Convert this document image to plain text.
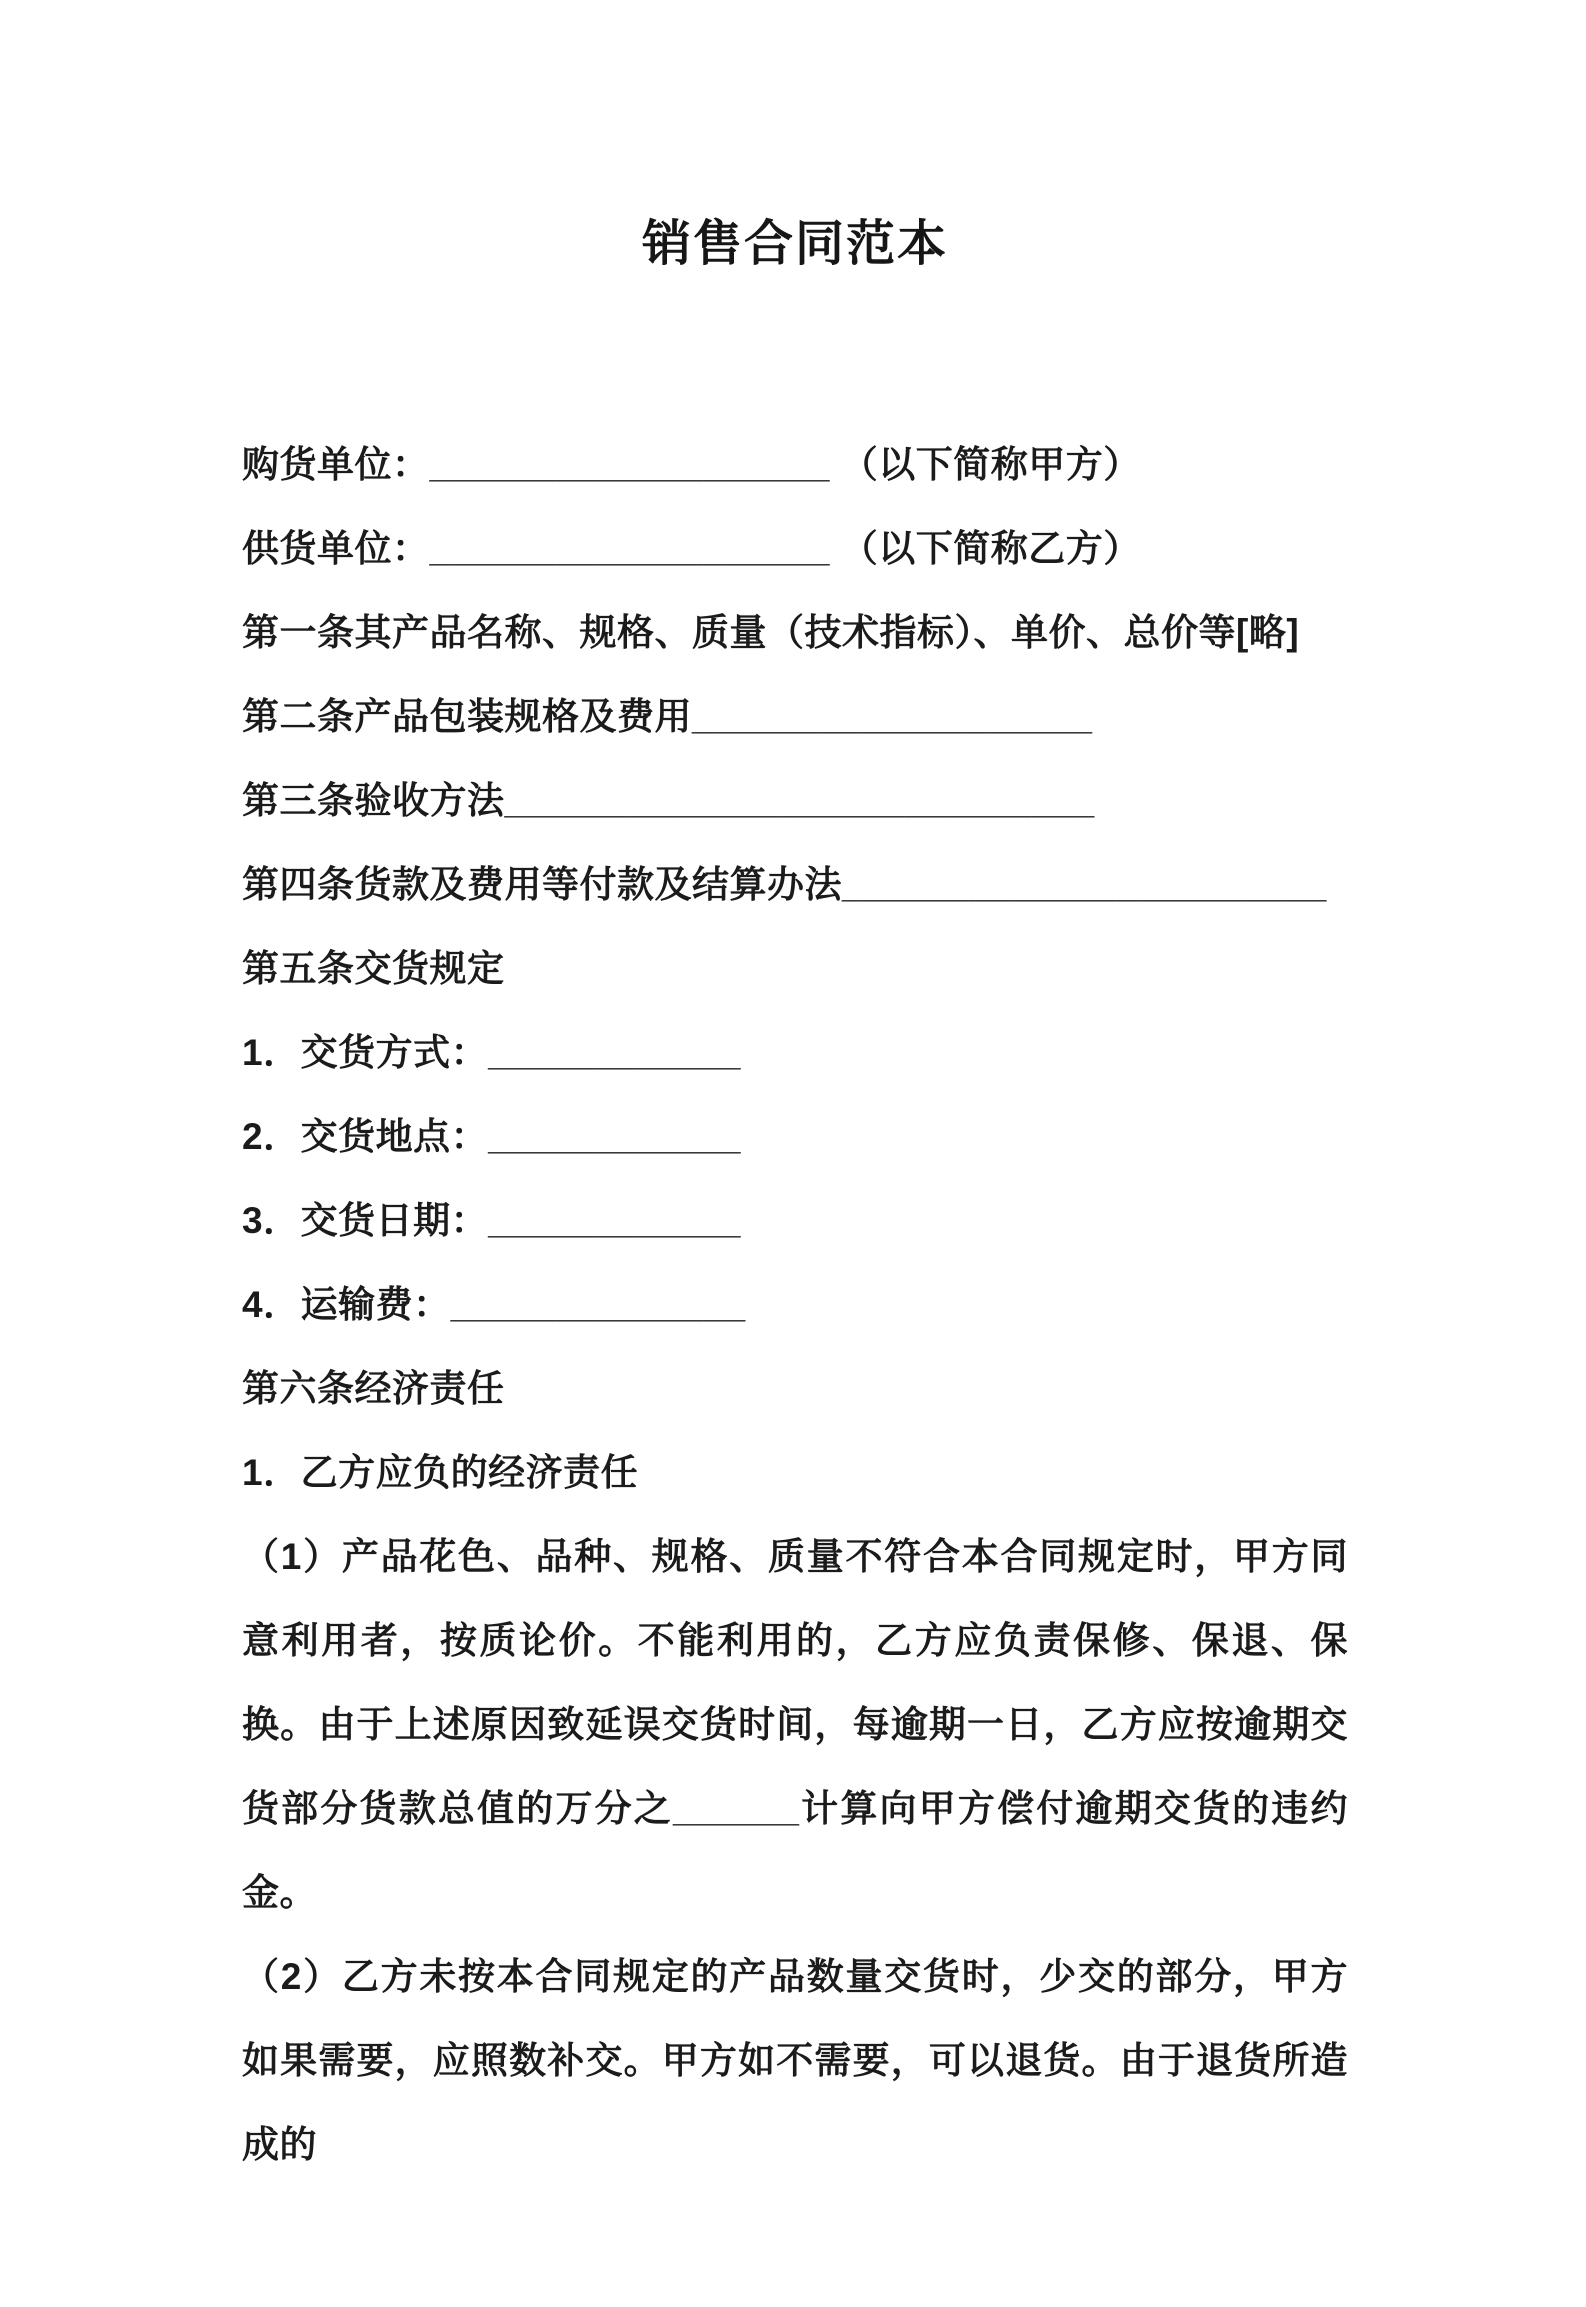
销售合同范本

购货单位：___________________ （以下简称甲方）

供货单位：___________________ （以下简称乙方）

第一条其产品名称、规格、质量（技术指标）、单价、总价等[略]

第二条产品包装规格及费用___________________

第三条验收方法____________________________

第四条货款及费用等付款及结算办法_______________________

第五条交货规定

1．交货方式：____________

2．交货地点：____________

3．交货日期：____________

4．运输费：______________

第六条经济责任

1．乙方应负的经济责任

（1）产品花色、品种、规格、质量不符合本合同规定时，甲方同意利用者，按质论价。不能利用的，乙方应负责保修、保退、保换。由于上述原因致延误交货时间，每逾期一日，乙方应按逾期交货部分货款总值的万分之______计算向甲方偿付逾期交货的违约金。

（2）乙方未按本合同规定的产品数量交货时，少交的部分，甲方如果需要，应照数补交。甲方如不需要，可以退货。由于退货所造成的
